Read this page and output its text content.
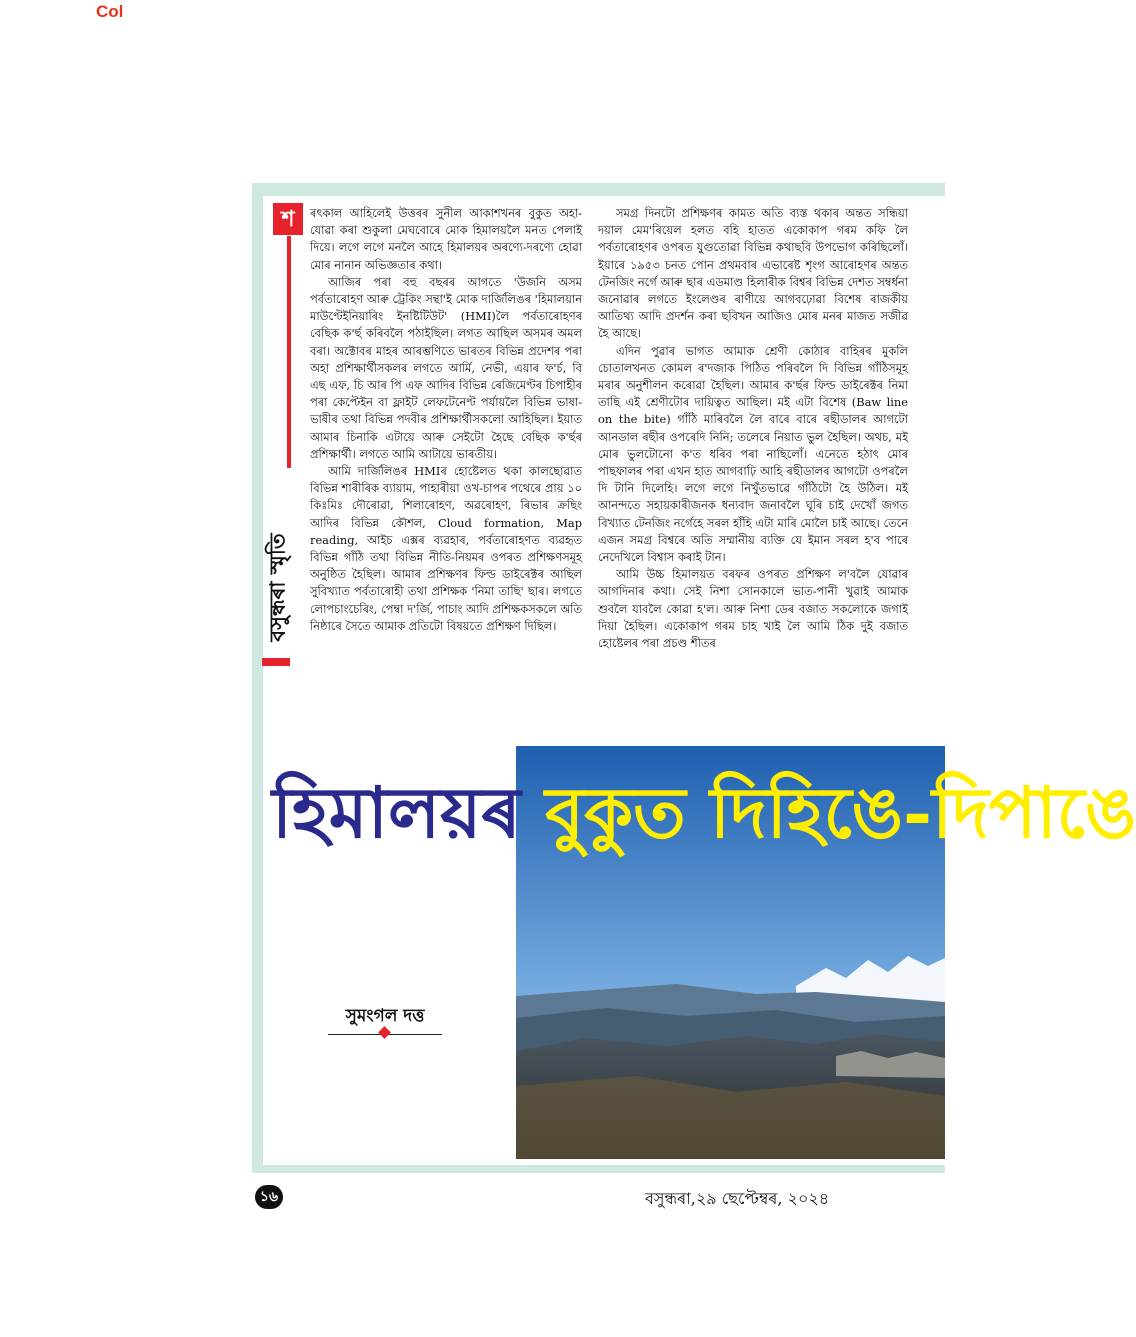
Col
শ	ৰৎকাল আহিলেই উত্তৰৰ সুনীল আকাশখনৰ বুকুত অহা-যোৱা কৰা শুকুলা মেঘবোৰে মোক হিমালয়লৈ মনত পেলাই দিয়ে। লগে লগে মনলৈ আহে হিমালয়ৰ অৰণ্যে-দৰণ্যে হোৱা মোৰ নানান অভিজ্ঞতাৰ কথা।

আজিৰ পৰা বহু বছৰৰ আগতে 'উজনি অসম পৰ্বতাৰোহণ আৰু ট্ৰেকিং সন্থা'ই মোক দাৰ্জিলিঙৰ 'হিমালয়ান মাউণ্টেইনিয়াৰিং ইনষ্টিটিউট' (HMI)লৈ পৰ্বতাৰোহণৰ বেছিক ক'ৰ্ছ কৰিবলৈ পঠাইছিল। লগত আছিল অসমৰ অমল বৰা। অক্টোবৰ মাহৰ আৰম্ভণিতে ভাৰতৰ বিভিন্ন প্ৰদেশৰ পৰা অহা প্ৰশিক্ষাৰ্থীসকলৰ লগতে আৰ্মি, নেভী, এয়াৰ ফ'ৰ্চ, বি এছ এফ, চি আৰ পি এফ আদিৰ বিভিন্ন ৰেজিমেণ্টৰ চিপাহীৰ পৰা কেপ্টেইন বা ফ্লাইট লেফটেনেণ্ট পৰ্যায়লৈ বিভিন্ন ভাষা-ভাষীৰ তথা বিভিন্ন পদবীৰ প্ৰশিক্ষাৰ্থীসকলো আহিছিল। ইয়াত আমাৰ চিনাকি এটায়ে আৰু সেইটো হৈছে বেছিক ক'ৰ্ছৰ প্ৰশিক্ষাৰ্থী। লগতে আমি আটায়ে ভাৰতীয়।

আমি দাৰ্জিলিঙৰ HMIৰ হোষ্টেলত থকা কালছোৱাত বিভিন্ন শাৰীৰিক ব্যায়াম, পাহাৰীয়া ওখ-চাপৰ পথেৰে প্ৰায় ১০ কিঃমিঃ দৌৰোৱা, শিলাৰোহণ, অৱৰোহণ, ৰিভাৰ ক্ৰছিং আদিৰ বিভিন্ন কৌশল, Cloud formation, Map reading, আইচ এক্সৰ ব্যৱহাৰ, পৰ্বতাৰোহণত ব্যৱহৃত বিভিন্ন গাঁঠি তথা বিভিন্ন নীতি-নিয়মৰ ওপৰত প্ৰশিক্ষণসমূহ অনুষ্ঠিত হৈছিল। আমাৰ প্ৰশিক্ষণৰ ফিল্ড ডাইৰেক্টৰ আছিল সুবিখ্যাত পৰ্বতাৰোহী তথা প্ৰশিক্ষক 'নিমা তাছি' ছাৰ। লগতে লোপচাংচেৰিং, পেম্বা দ'ৰ্জি, পাচাং আদি প্ৰশিক্ষকসকলে অতি নিষ্ঠাৰে সৈতে আমাক প্ৰতিটো বিষয়তে প্ৰশিক্ষণ দিছিল।

সমগ্ৰ দিনটো প্ৰশিক্ষণৰ কামত অতি ব্যস্ত থকাৰ অন্তত সন্ধিয়া দয়াল মেম'ৰিয়েল হলত বহি হাতত একোকাপ গৰম কফি লৈ পৰ্বতাৰোহণৰ ওপৰত যুগুতোৱা বিভিন্ন কথাছবি উপভোগ কৰিছিলোঁ। ইয়াৰে ১৯৫৩ চনত পোন প্ৰথমবাৰ এভাৰেষ্ট শৃংগ আৰোহণৰ অন্তত টেনজিং নৰ্গে আৰু ছাৰ এডমাণ্ড হিলাৰীক বিশ্বৰ বিভিন্ন দেশত সম্বৰ্ধনা জনোৱাৰ লগতে ইংলেণ্ডৰ ৰাণীয়ে আগবঢ়োৱা বিশেষ ৰাজকীয় আতিথ্য আদি প্ৰদৰ্শন কৰা ছবিখন আজিও মোৰ মনৰ মাজত সজীৱ হৈ আছে।

এদিন পুৱাৰ ভাগত আমাক শ্ৰেণী কোঠাৰ বাহিৰৰ মুকলি চোতালখনত কোমল ৰ'দজাক পিঠিত পৰিবলৈ দি বিভিন্ন গাঁঠিসমূহ মৰাৰ অনুশীলন কৰোৱা হৈছিল। আমাৰ ক'ৰ্ছৰ ফিল্ড ডাইৰেক্টৰ নিমা তাছি এই শ্ৰেণীটোৰ দায়িত্বত আছিল। মই এটা বিশেষ (Baw line on the bite) গাঁঠি মাৰিবলৈ লৈ বাৰে বাৰে ৰছীডালৰ আগটো আনডাল ৰছীৰ ওপৰেদি নিনি; তলেৰে নিয়াত ভুল হৈছিল। অথচ, মই মোৰ ভুলটোনো ক'ত ধৰিব পৰা নাছিলোঁ। এনেতে হঠাৎ মোৰ পাছফালৰ পৰা এখন হাত আগবাঢ়ি আহি ৰছীডালৰ আগটো ওপৰলৈ দি টানি দিলেহি। লগে লগে নিখুঁতভাৱে গাঁঠিটো হৈ উঠিল। মই আনন্দতে সহায়কাৰীজনক ধন্যবাদ জনাবলৈ ঘূৰি চাই দেখোঁ জগত বিখ্যাত টেনজিং নৰ্গেহে সৰল হাঁহি এটা মাৰি মোলৈ চাই আছে। তেনে এজন সমগ্ৰ বিশ্বৰে অতি সম্মানীয় ব্যক্তি যে ইমান সৰল হ'ব পাৰে নেদেখিলে বিশ্বাস কৰাই টান।

আমি উচ্চ হিমালয়ত বৰফৰ ওপৰত প্ৰশিক্ষণ ল'বলৈ যোৱাৰ আগদিনাৰ কথা। সেই নিশা সোনকালে ভাত-পানী খুৱাই আমাক শুবলৈ যাবলৈ কোৱা হ'ল। আৰু নিশা ডেৰ বজাত সকলোকে জগাই দিয়া হৈছিল। একোকাপ গৰম চাহ খাই লৈ আমি ঠিক দুই বজাত হোষ্টেলৰ পৰা প্ৰচণ্ড শীতৰ

বসুন্ধৰা স্মৃতি
হিমালয়ৰ বুকুত দিহিঙে-দিপাঙে
সুমংগল দত্ত
১৬	বসুন্ধৰা,২৯ ছেপ্টেম্বৰ, ২০২৪
